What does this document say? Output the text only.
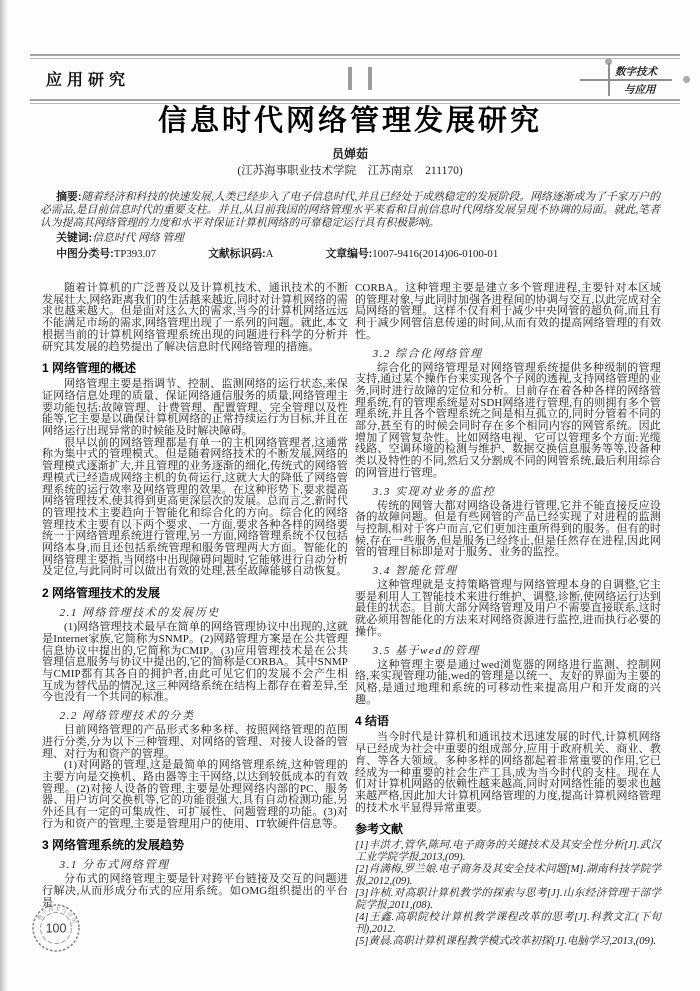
应用研究	数字技术
与应用
信息时代网络管理发展研究
员婵茹
(江苏海事职业技术学院　江苏南京　211170)

摘要:随着经济和科技的快速发展,人类已经步入了电子信息时代,并且已经处于成熟稳定的发展阶段。网络逐渐成为了千家万户的必需品,是目前信息时代的重要支柱。并且,从目前我国的网络管理水平来看和目前信息时代网络发展呈现不协调的局面。就此,笔者认为提高其网络管理的力度和水平对保证计算机网络的可靠稳定运行具有积极影响。

关键词:信息时代 网络 管理
中图分类号:TP393.07	文献标识码:A	文章编号:1007-9416(2014)06-0100-01

随着计算机的广泛普及以及计算机技术、通讯技术的不断发展壮大,网络距离我们的生活越来越近,同时对计算机网络的需求也越来越大。但是面对这么大的需求,当今的计算机网络远远不能满足市场的需求,网络管理出现了一系列的问题。就此,本文根据当前的计算机网络管理系统出现的问题进行科学的分析并研究其发展的趋势提出了解决信息时代网络管理的措施。

1 网络管理的概述

网络管理主要是指调节、控制、监测网络的运行状态,来保证网络信息处理的质量、保证网络通信服务的质量,网络管理主要功能包括:故障管理、计费管理、配置管理、完全管理以及性能等,它主要是以确保计算机网络的正常持续运行为目标,并且在网络运行出现异常的时候能及时解决障碍。

很早以前的网络管理都是有单一的主机网络管理者,这通常称为集中式的管理模式。但是随着网络技术的不断发展,网络的管理模式逐渐扩大,并且管理的业务逐渐的细化,传统式的网络管理模式已经造成网络主机的负荷运行,这就大大的降低了网络管理系统的运行效率及网络管理的效果。在这种形势下,要求提高网络管理技术,使其得到更高更深层次的发展。总而言之,新时代的管理技术主要趋向于智能化和综合化的方向。综合化的网络管理技术主要有以下两个要求、一方面,要求各种各样的网络要统一于网络管理系统进行管理,另一方面,网络管理系统不仅包括网络本身,而且还包括系统管理和服务管理两大方面。智能化的网络管理主要指,当网络中出现障碍问题时,它能够进行自动分析及定位,与此同时可以做出有效的处理,甚至故障能够自动恢复。

2 网络管理技术的发展
2.1 网络管理技术的发展历史

(1)网络管理技术最早在简单的网络管理协议中出现的,这就是Internet家族,它简称为SNMP。(2)网路管理方案是在公共管理信息协议中提出的,它简称为CMIP。(3)应用管理技术是在公共管理信息服务与协议中提出的,它的简称是CORBA。其中SNMP与CMIP都有其各自的拥护者,由此可见它们的发展不会产生相互成为替代品的情况,这三种网络系统在结构上都存在着差异,至今也没有一个共同的标准。

2.2 网络管理技术的分类

目前网络管理的产品形式多种多样、按照网络管理的范围进行分类,分为以下三种管理、对网络的管理、对接人设备的管理、对行为和资产的管理。

(1)对网路的管理,这是最简单的网络管理系统,这种管理的主要方向是交换机、路由器等主干网络,以达到较低成本的有效管理。(2)对接人设备的管理,主要是处理网络内部的PC、服务器、用户访问交换机等,它的功能很强大,具有自动检测功能,另外还具有一定的可集成性、可扩展性、问题管理的功能。(3)对行为和资产的管理,主要是管理用户的使用、IT软硬件信息等。

3 网络管理系统的发展趋势
3.1 分布式网络管理

分布式的网络管理主要是针对跨平台链接及交互的问题进行解决,从而形成分布式的应用系统。如OMG组织提出的平台是

CORBA。这种管理主要是建立多个管理进程,主要针对本区域的管理对象,与此同时加强各进程间的协调与交互,以此完成对全局网络的管理。这样不仅有利于减少中央网管的超负荷,而且有利于减少网管信息传递的时间,从而有效的提高网络管理的有效性。

3.2 综合化网络管理

综合化的网络管理是对网络管理系统提供多种级制的管理支持,通过某个操作台来实现各个子网的透视,支持网络管理的业务,同时进行故障的定位和分析。目前存在着各种各样的网络管理系统,有的管理系统是对SDH网络进行管理,有的则拥有多个管理系统,并且各个管理系统之间是相互孤立的,同时分管着不同的部分,甚至有的时候会同时存在多个相同内容的网管系统。因此增加了网管复杂性。比如网络电视、它可以管理多个方面:光缆线路、空调环境的检测与维护、数据交换信息服务等等,设备种类以及特性的不同,然后又分割成不同的网管系统,最后利用综合的网管进行管理。

3.3 实现对业务的监控

传统的网管大都对网络设备进行管理,它并不能直接反应设备的故障问题。但是有些网管的产品已经实现了对进程的监测与控制,相对于客户而言,它们更加注重所得到的服务。但有的时候,存在一些服务,但是服务已经终止,但是任然存在进程,因此网管的管理目标即是对于服务、业务的监控。

3.4 智能化管理

这种管理就是支持策略管理与网络管理本身的自调整,它主要是利用人工智能技术来进行维护、调整,诊断,使网络运行达到最佳的状态。目前大部分网络管理及用户不需要直接联系,这时就必须用智能化的方法来对网络资源进行监控,进而执行必要的操作。

3.5 基于wed的管理

这种管理主要是通过wed浏览器的网络进行监测、控制网络,来实现管理功能,wed的管理是以统一、友好的界面为主要的风格,是通过地理和系统的可移动性来提高用户和开发商的兴趣。

4 结语

当今时代是计算机和通讯技术迅速发展的时代,计算机网络早已经成为社会中重要的组成部分,应用于政府机关、商业、教育、等各大领域。多种多样的网络都起着非常重要的作用,它已经成为一种重要的社会生产工具,成为当今时代的支柱。现在人们对计算机网路的依赖性越来越高,同时对网络性能的要求也越来越严格,因此加大计算机网络管理的力度,提高计算机网络管理的技术水平显得异常重要。

参考文献

[1]丰洪才,管华,陈珂.电子商务的关键技术及其安全性分析[J].武汉工业学院学报,2013,(09).

[2]肖满梅,罗兰娘.电子商务及其安全技术问题[M].湖南科技学院学报,2012,(09).

[3]许桢.对高职计算机教学的探索与思考[J].山东经济管理干部学院学报,2011,(08).

[4]王鑫.高职院校计算机教学课程改革的思考[J].科教文汇(下旬刊),2012.

[5]黄晨.高职计算机课程教学模式改革初探[J].电脑学习,2013,(09).

数字技术与应用
100
